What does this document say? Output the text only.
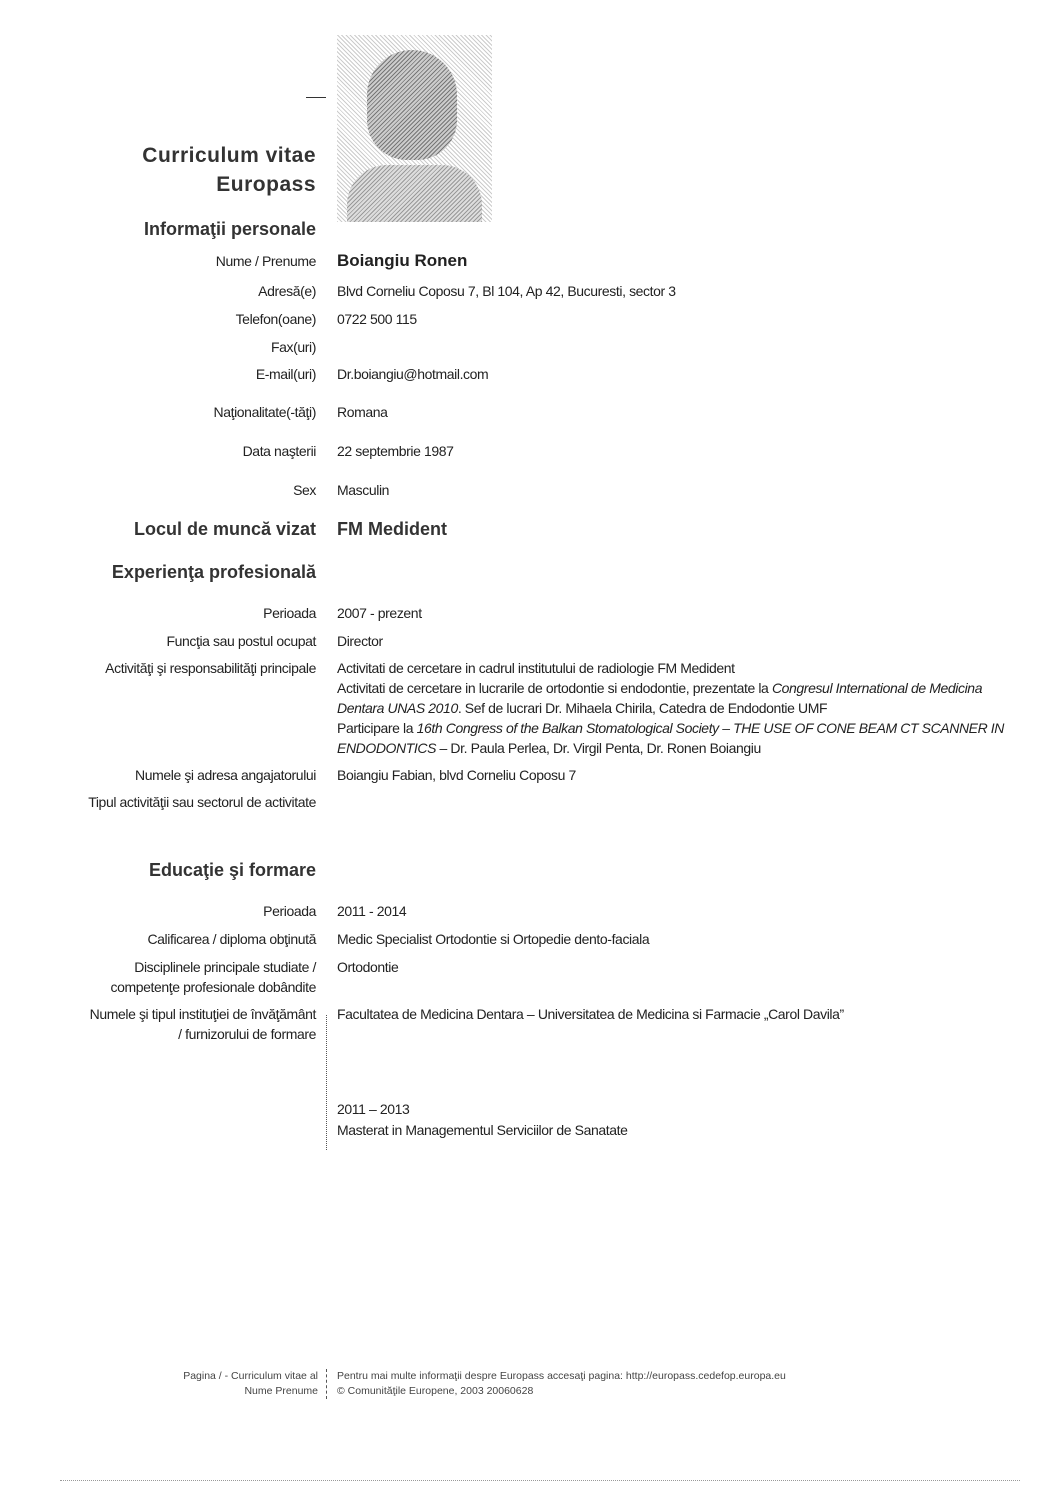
Curriculum vitae
Europass
Informaţii personale
Nume / Prenume Boiangiu Ronen
Adresă(e) Blvd Corneliu Coposu 7, Bl 104, Ap 42, Bucuresti, sector 3
Telefon(oane) 0722 500 115
Fax(uri)
E-mail(uri) Dr.boiangiu@hotmail.com
Naţionalitate(-tăţi) Romana
Data naşterii 22 septembrie 1987
Sex Masculin
Locul de muncă vizat FM Medident
Experienţa profesională
Perioada 2007 - prezent
Funcţia sau postul ocupat Director
Activităţi şi responsabilităţi principale Activitati de cercetare in cadrul institutului de radiologie FM Medident
Activitati de cercetare in lucrarile de ortodontie si endodontie, prezentate la Congresul International de Medicina Dentara UNAS 2010. Sef de lucrari Dr. Mihaela Chirila, Catedra de Endodontie UMF
Participare la 16th Congress of the Balkan Stomatological Society – THE USE OF CONE BEAM CT SCANNER IN ENDODONTICS – Dr. Paula Perlea, Dr. Virgil Penta, Dr. Ronen Boiangiu
Numele şi adresa angajatorului Boiangiu Fabian, blvd Corneliu Coposu 7
Tipul activităţii sau sectorul de activitate
Educaţie şi formare
Perioada 2011 - 2014
Calificarea / diploma obţinută Medic Specialist Ortodontie si Ortopedie dento-faciala
Disciplinele principale studiate /
competenţe profesionale dobândite
Ortodontie
Numele şi tipul instituţiei de învăţământ
/ furnizorului de formare
Facultatea de Medicina Dentara – Universitatea de Medicina si Farmacie „Carol Davila”
2011 – 2013
Masterat in Managementul Serviciilor de Sanatate
Pagina / - Curriculum vitae al
Nume Prenume
Pentru mai multe informaţii despre Europass accesaţi pagina: http://europass.cedefop.europa.eu
© Comunităţile Europene, 2003 20060628
